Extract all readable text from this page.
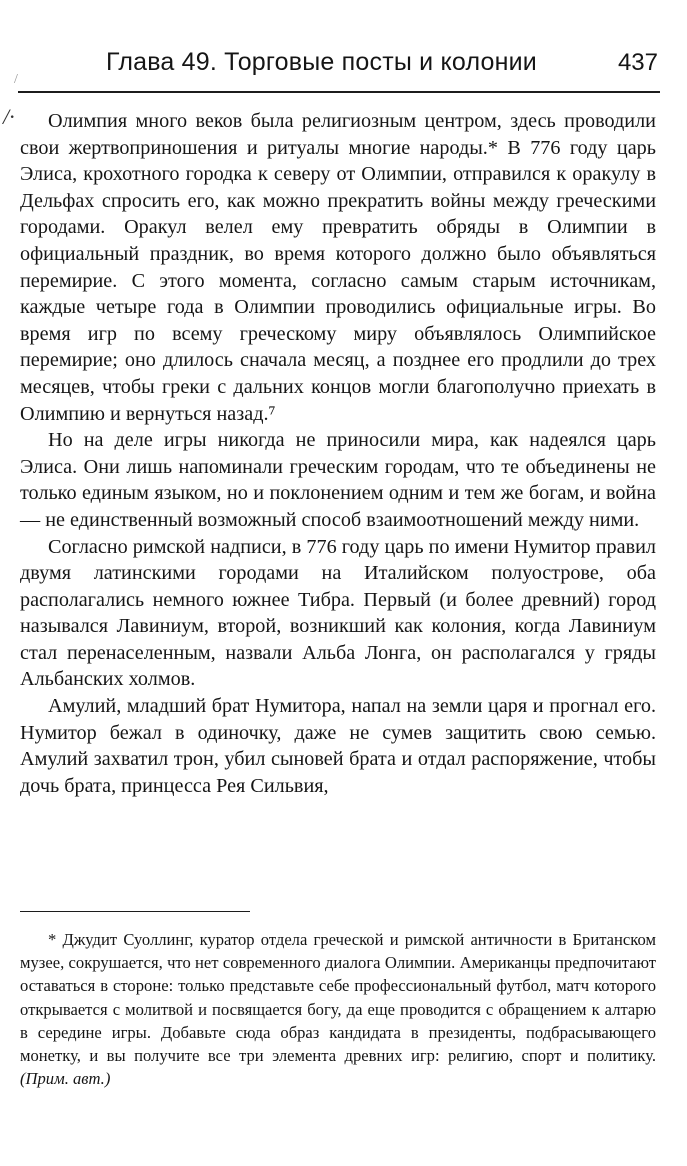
Глава 49. Торговые посты и колонии	437
/·
/

Олимпия много веков была религиозным центром, здесь проводили свои жертвоприношения и ритуалы многие народы.* В 776 году царь Элиса, крохотного городка к северу от Олимпии, отправился к оракулу в Дельфах спросить его, как можно прекратить войны между греческими городами. Оракул велел ему превратить обряды в Олимпии в официальный праздник, во время которого должно было объявляться перемирие. С этого момента, согласно самым старым источникам, каждые четыре года в Олимпии проводились официальные игры. Во время игр по всему греческому миру объявлялось Олимпийское перемирие; оно длилось сначала месяц, а позднее его продлили до трех месяцев, чтобы греки с дальних концов могли благополучно приехать в Олимпию и вернуться назад.⁷

Но на деле игры никогда не приносили мира, как надеялся царь Элиса. Они лишь напоминали греческим городам, что те объединены не только единым языком, но и поклонением одним и тем же богам, и война — не единственный возможный способ взаимоотношений между ними.

Согласно римской надписи, в 776 году царь по имени Нумитор правил двумя латинскими городами на Италийском полуострове, оба располагались немного южнее Тибра. Первый (и более древний) город назывался Лавиниум, второй, возникший как колония, когда Лавиниум стал перенаселенным, назвали Альба Лонга, он располагался у гряды Альбанских холмов.

Амулий, младший брат Нумитора, напал на земли царя и прогнал его. Нумитор бежал в одиночку, даже не сумев защитить свою семью. Амулий захватил трон, убил сыновей брата и отдал распоряжение, чтобы дочь брата, принцесса Рея Сильвия,

* Джудит Суоллинг, куратор отдела греческой и римской античности в Британском музее, сокрушается, что нет современного диалога Олимпии. Американцы предпочитают оставаться в стороне: только представьте себе профессиональный футбол, матч которого открывается с молитвой и посвящается богу, да еще проводится с обращением к алтарю в середине игры. Добавьте сюда образ кандидата в президенты, подбрасывающего монетку, и вы получите все три элемента древних игр: религию, спорт и политику. (Прим. авт.)
